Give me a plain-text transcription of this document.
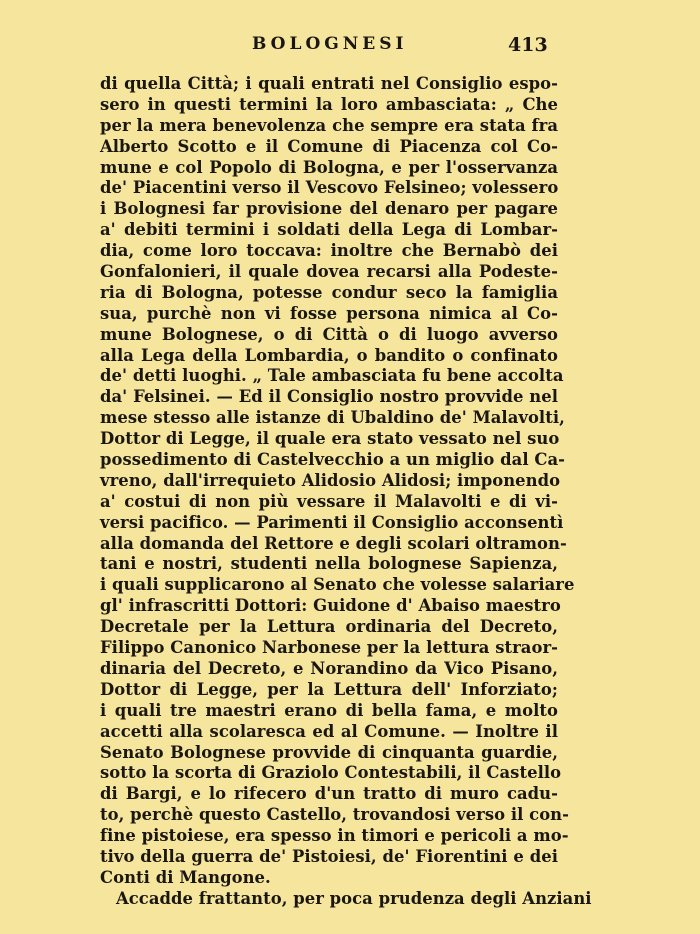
BOLOGNESI	413
di quella Città; i quali entrati nel Consiglio espo-
sero in questi termini la loro ambasciata: „ Che
per la mera benevolenza che sempre era stata fra
Alberto Scotto e il Comune di Piacenza col Co-
mune e col Popolo di Bologna, e per l'osservanza
de' Piacentini verso il Vescovo Felsineo; volessero
i Bolognesi far provisione del denaro per pagare
a' debiti termini i soldati della Lega di Lombar-
dia, come loro toccava: inoltre che Bernabò dei
Gonfalonieri, il quale dovea recarsi alla Podeste-
ria di Bologna, potesse condur seco la famiglia
sua, purchè non vi fosse persona nimica al Co-
mune Bolognese, o di Città o di luogo avverso
alla Lega della Lombardia, o bandito o confinato
de' detti luoghi. „ Tale ambasciata fu bene accolta
da' Felsinei. — Ed il Consiglio nostro provvide nel
mese stesso alle istanze di Ubaldino de' Malavolti,
Dottor di Legge, il quale era stato vessato nel suo
possedimento di Castelvecchio a un miglio dal Ca-
vreno, dall'irrequieto Alidosio Alidosi; imponendo
a' costui di non più vessare il Malavolti e di vi-
versi pacifico. — Parimenti il Consiglio acconsentì
alla domanda del Rettore e degli scolari oltramon-
tani e nostri, studenti nella bolognese Sapienza,
i quali supplicarono al Senato che volesse salariare
gl' infrascritti Dottori: Guidone d' Abaiso maestro
Decretale per la Lettura ordinaria del Decreto,
Filippo Canonico Narbonese per la lettura straor-
dinaria del Decreto, e Norandino da Vico Pisano,
Dottor di Legge, per la Lettura dell' Inforziato;
i quali tre maestri erano di bella fama, e molto
accetti alla scolaresca ed al Comune. — Inoltre il
Senato Bolognese provvide di cinquanta guardie,
sotto la scorta di Graziolo Contestabili, il Castello
di Bargi, e lo rifecero d'un tratto di muro cadu-
to, perchè questo Castello, trovandosi verso il con-
fine pistoiese, era spesso in timori e pericoli a mo-
tivo della guerra de' Pistoiesi, de' Fiorentini e dei
Conti di Mangone.
Accadde frattanto, per poca prudenza degli Anziani
